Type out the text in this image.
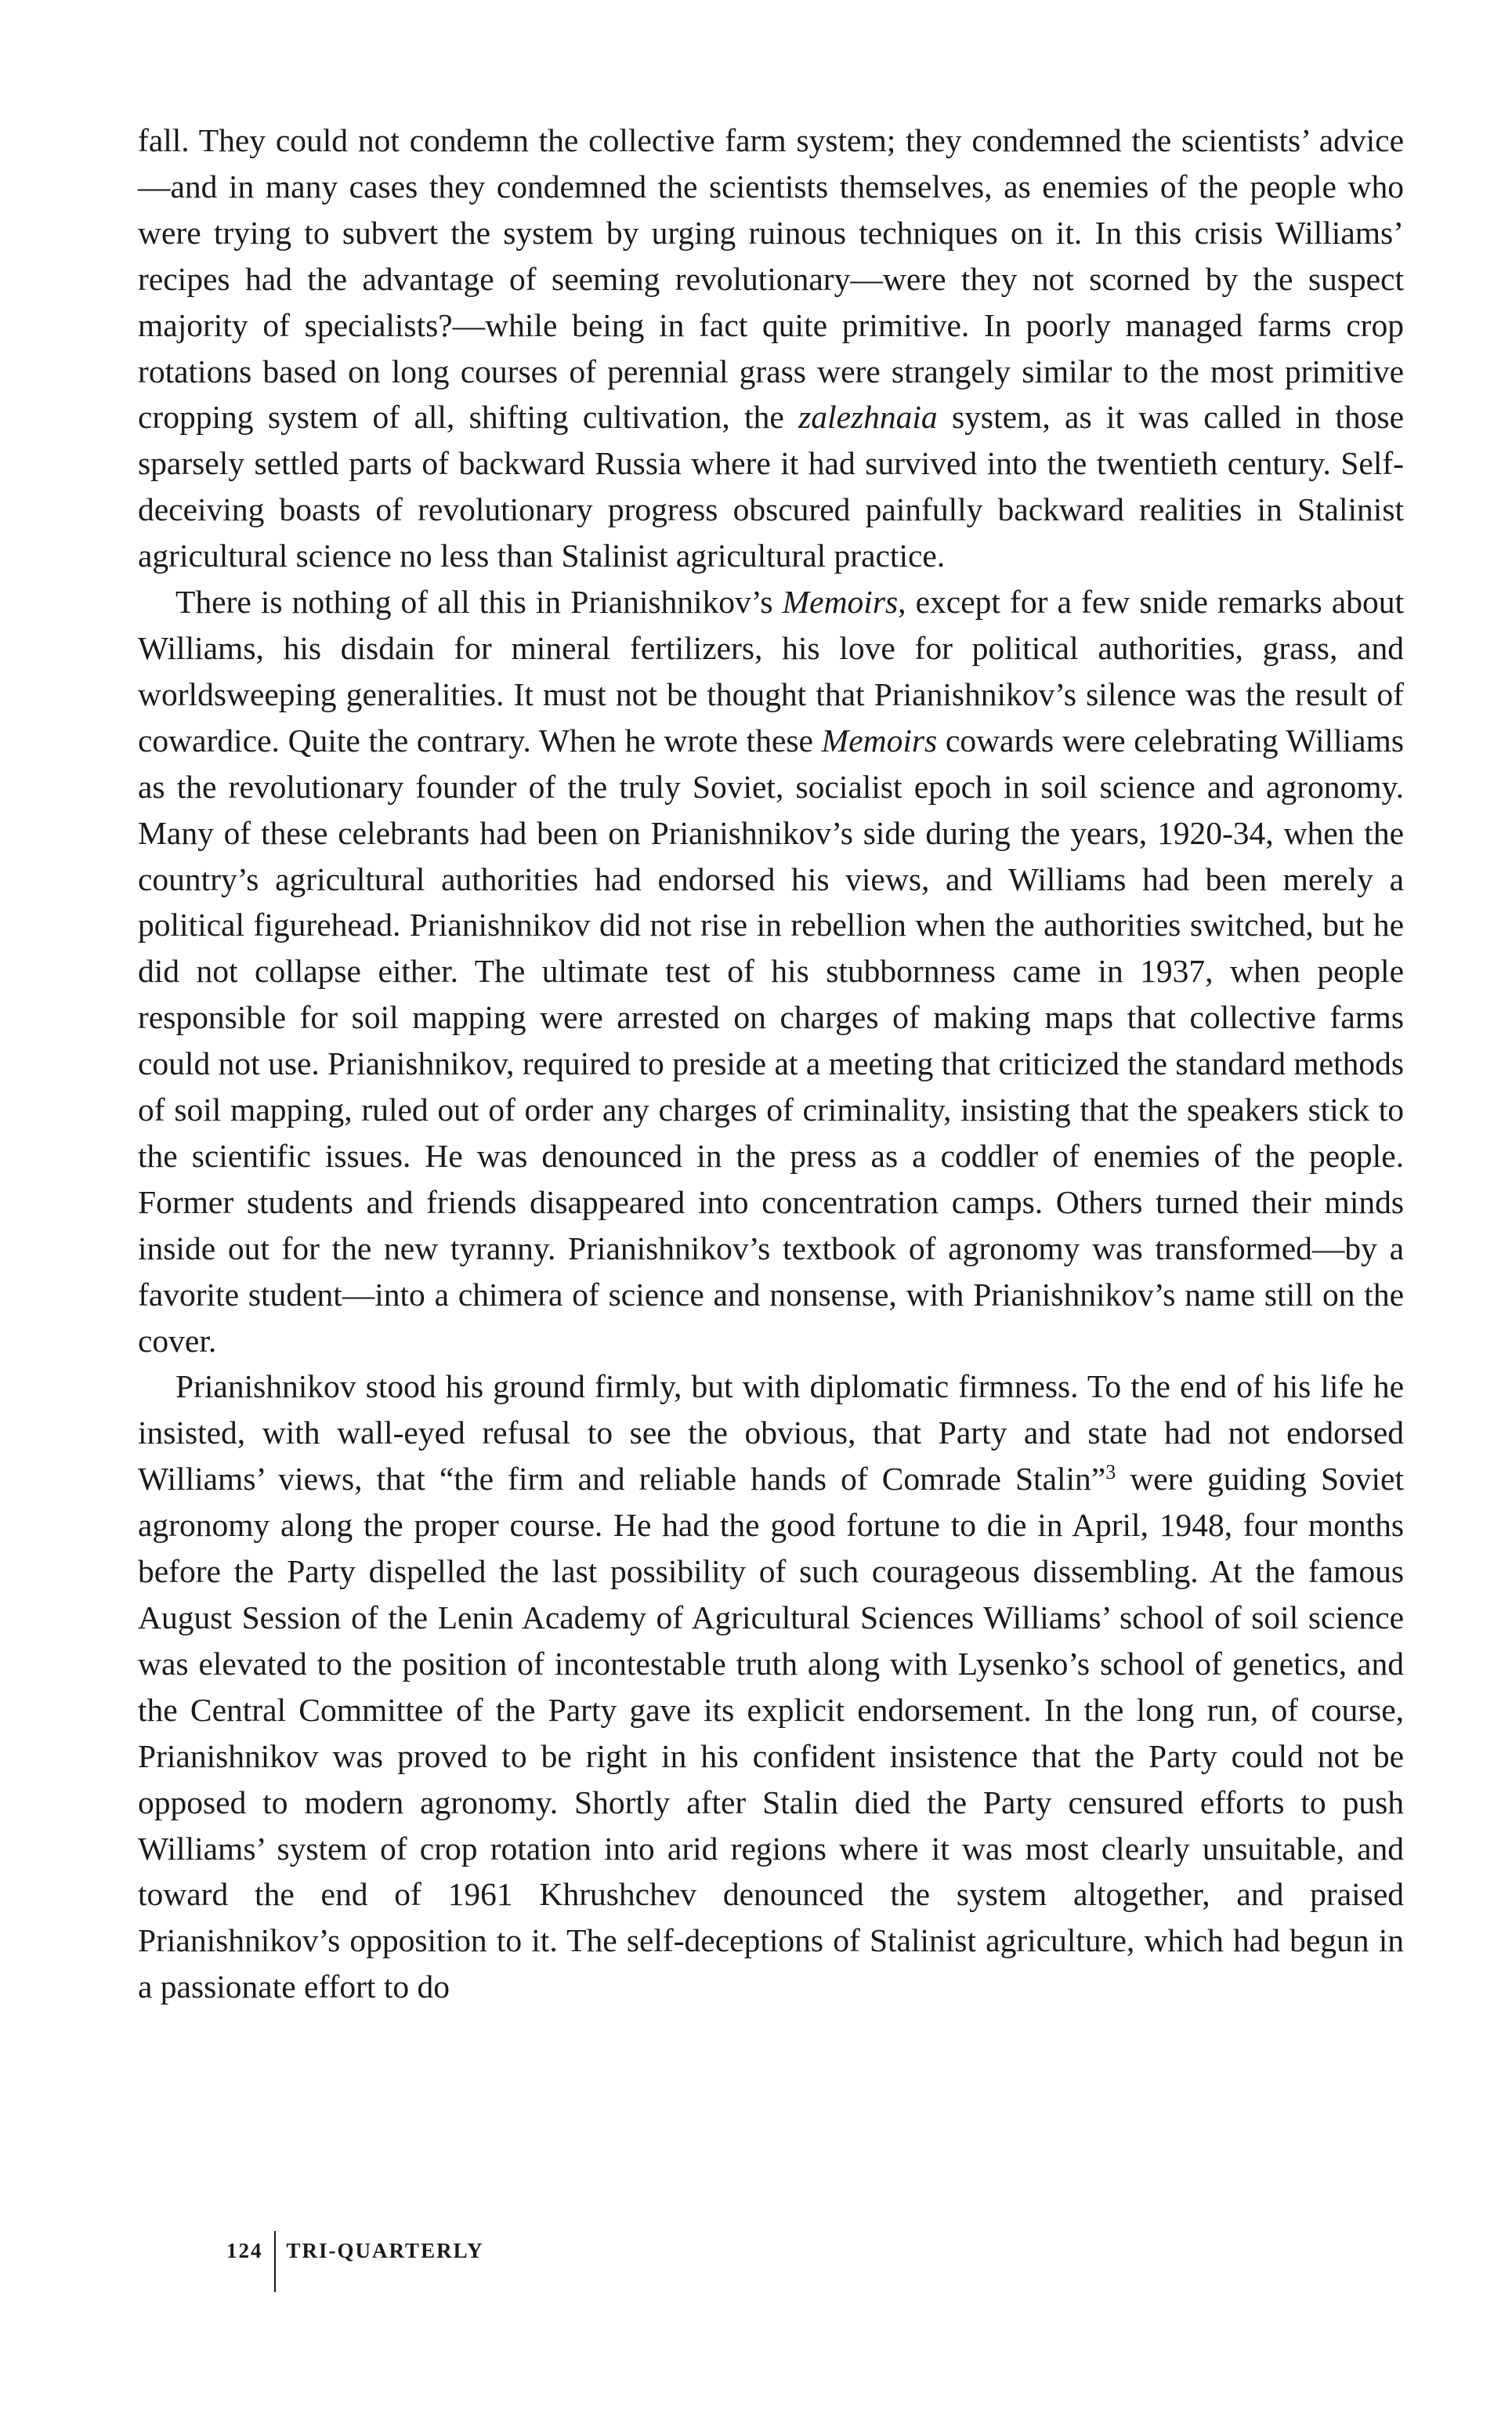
fall. They could not condemn the collective farm system; they condemned the scientists’ advice—and in many cases they condemned the scientists themselves, as enemies of the people who were trying to subvert the system by urging ruinous techniques on it. In this crisis Williams’ recipes had the advantage of seeming revolutionary—were they not scorned by the suspect majority of specialists?—while being in fact quite primitive. In poorly managed farms crop rotations based on long courses of perennial grass were strangely similar to the most primitive cropping system of all, shifting cultivation, the zalezhnaia system, as it was called in those sparsely settled parts of backward Russia where it had survived into the twentieth century. Self-deceiving boasts of revolutionary progress obscured painfully backward realities in Stalinist agricultural science no less than Stalinist agricultural practice.

There is nothing of all this in Prianishnikov’s Memoirs, except for a few snide remarks about Williams, his disdain for mineral fertilizers, his love for political authorities, grass, and worldsweeping generalities. It must not be thought that Prianishnikov’s silence was the result of cowardice. Quite the contrary. When he wrote these Memoirs cowards were celebrating Williams as the revolutionary founder of the truly Soviet, socialist epoch in soil science and agronomy. Many of these celebrants had been on Prianishnikov’s side during the years, 1920-34, when the country’s agricultural authorities had endorsed his views, and Williams had been merely a political figurehead. Prianishnikov did not rise in rebellion when the authorities switched, but he did not collapse either. The ultimate test of his stubbornness came in 1937, when people responsible for soil mapping were arrested on charges of making maps that collective farms could not use. Prianishnikov, required to preside at a meeting that criticized the standard methods of soil mapping, ruled out of order any charges of criminality, insisting that the speakers stick to the scientific issues. He was denounced in the press as a coddler of enemies of the people. Former students and friends disappeared into concentration camps. Others turned their minds inside out for the new tyranny. Prianishnikov’s textbook of agronomy was transformed—by a favorite student—into a chimera of science and nonsense, with Prianishnikov’s name still on the cover.

Prianishnikov stood his ground firmly, but with diplomatic firmness. To the end of his life he insisted, with wall-eyed refusal to see the obvious, that Party and state had not endorsed Williams’ views, that “the firm and reliable hands of Comrade Stalin”$^3$ were guiding Soviet agronomy along the proper course. He had the good fortune to die in April, 1948, four months before the Party dispelled the last possibility of such courageous dissembling. At the famous August Session of the Lenin Academy of Agricultural Sciences Williams’ school of soil science was elevated to the position of incontestable truth along with Lysenko’s school of genetics, and the Central Committee of the Party gave its explicit endorsement. In the long run, of course, Prianishnikov was proved to be right in his confident insistence that the Party could not be opposed to modern agronomy. Shortly after Stalin died the Party censured efforts to push Williams’ system of crop rotation into arid regions where it was most clearly unsuitable, and toward the end of 1961 Khrushchev denounced the system altogether, and praised Prianishnikov’s opposition to it. The self-deceptions of Stalinist agriculture, which had begun in a passionate effort to do

124 TRI-QUARTERLY
